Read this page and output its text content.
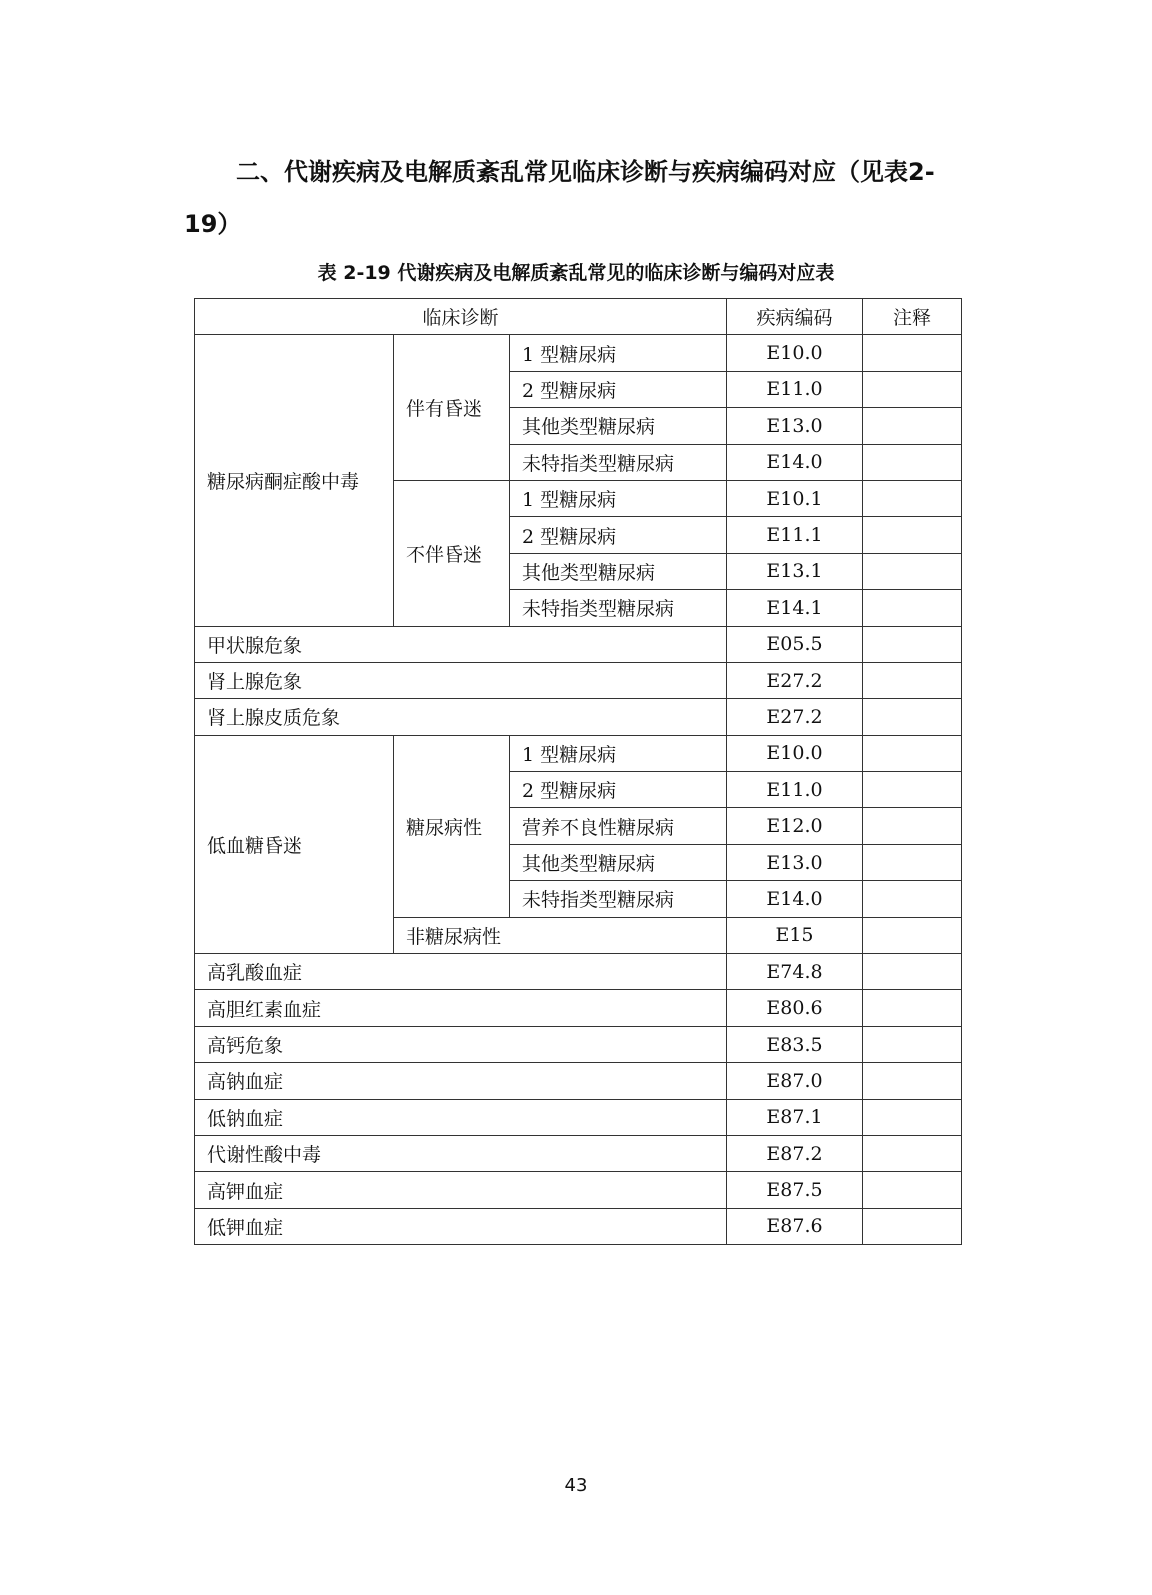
二、代谢疾病及电解质紊乱常见临床诊断与疾病编码对应（见表2-19）
表 2-19 代谢疾病及电解质紊乱常见的临床诊断与编码对应表
临床诊断			疾病编码	注释
糖尿病酮症酸中毒	伴有昏迷	1 型糖尿病	E10.0	
		2 型糖尿病	E11.0	
		其他类型糖尿病	E13.0	
		未特指类型糖尿病	E14.0	
	不伴昏迷	1 型糖尿病	E10.1	
		2 型糖尿病	E11.1	
		其他类型糖尿病	E13.1	
		未特指类型糖尿病	E14.1	
甲状腺危象			E05.5	
肾上腺危象			E27.2	
肾上腺皮质危象			E27.2	
低血糖昏迷	糖尿病性	1 型糖尿病	E10.0	
		2 型糖尿病	E11.0	
		营养不良性糖尿病	E12.0	
		其他类型糖尿病	E13.0	
		未特指类型糖尿病	E14.0	
	非糖尿病性		E15	
高乳酸血症			E74.8	
高胆红素血症			E80.6	
高钙危象			E83.5	
高钠血症			E87.0	
低钠血症			E87.1	
代谢性酸中毒			E87.2	
高钾血症			E87.5	
低钾血症			E87.6	
43
